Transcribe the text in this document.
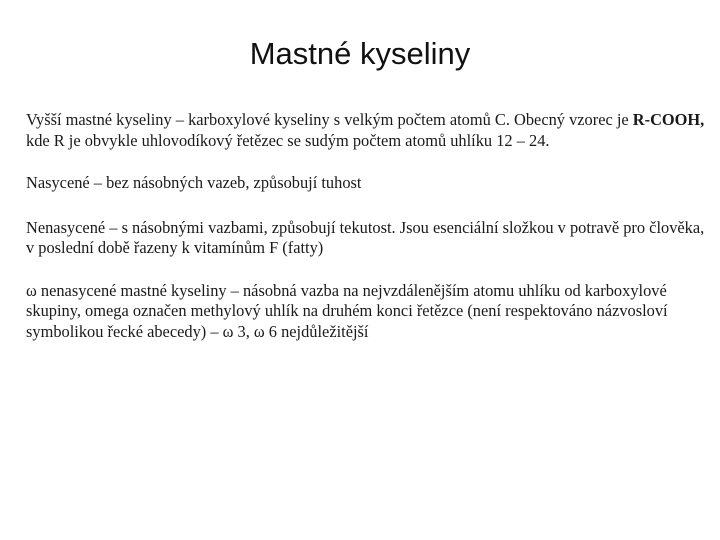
Mastné kyseliny

Vyšší mastné kyseliny – karboxylové kyseliny s velkým počtem atomů C. Obecný vzorec je R-COOH, kde R je obvykle uhlovodíkový řetězec se sudým počtem atomů uhlíku 12 – 24.

Nasycené – bez násobných vazeb, způsobují tuhost

Nenasycené – s násobnými vazbami, způsobují tekutost. Jsou esenciální složkou v potravě pro člověka, v poslední době řazeny k vitamínům F (fatty)

ω nenasycené mastné kyseliny – násobná vazba na nejvzdálenějším atomu uhlíku od karboxylové skupiny, omega označen methylový uhlík na druhém konci řetězce (není respektováno názvosloví symbolikou řecké abecedy) – ω 3, ω 6 nejdůležitější
